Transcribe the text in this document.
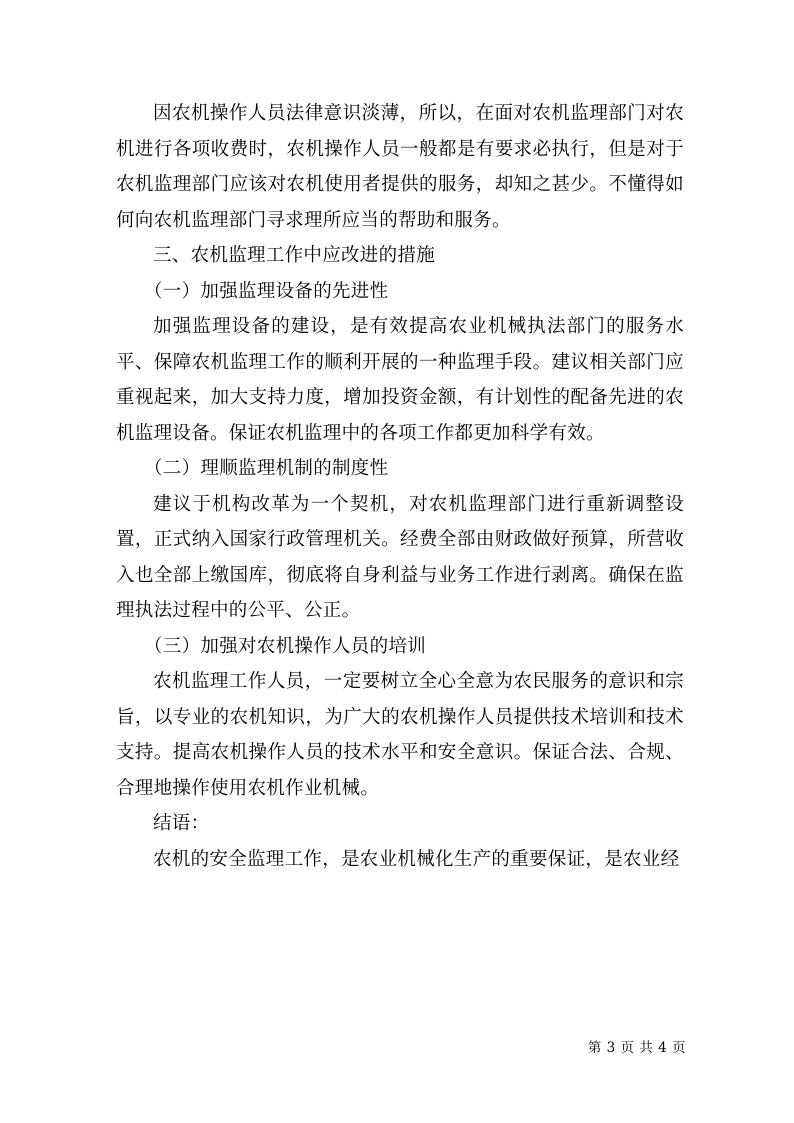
因农机操作人员法律意识淡薄，所以，在面对农机监理部门对农机进行各项收费时，农机操作人员一般都是有要求必执行，但是对于农机监理部门应该对农机使用者提供的服务，却知之甚少。不懂得如何向农机监理部门寻求理所应当的帮助和服务。

三、农机监理工作中应改进的措施

（一）加强监理设备的先进性

加强监理设备的建设，是有效提高农业机械执法部门的服务水平、保障农机监理工作的顺利开展的一种监理手段。建议相关部门应重视起来，加大支持力度，增加投资金额，有计划性的配备先进的农机监理设备。保证农机监理中的各项工作都更加科学有效。

（二）理顺监理机制的制度性

建议于机构改革为一个契机，对农机监理部门进行重新调整设置，正式纳入国家行政管理机关。经费全部由财政做好预算，所营收入也全部上缴国库，彻底将自身利益与业务工作进行剥离。确保在监理执法过程中的公平、公正。

（三）加强对农机操作人员的培训

农机监理工作人员，一定要树立全心全意为农民服务的意识和宗旨，以专业的农机知识，为广大的农机操作人员提供技术培训和技术支持。提高农机操作人员的技术水平和安全意识。保证合法、合规、合理地操作使用农机作业机械。

结语：

农机的安全监理工作，是农业机械化生产的重要保证，是农业经

第 3 页 共 4 页
